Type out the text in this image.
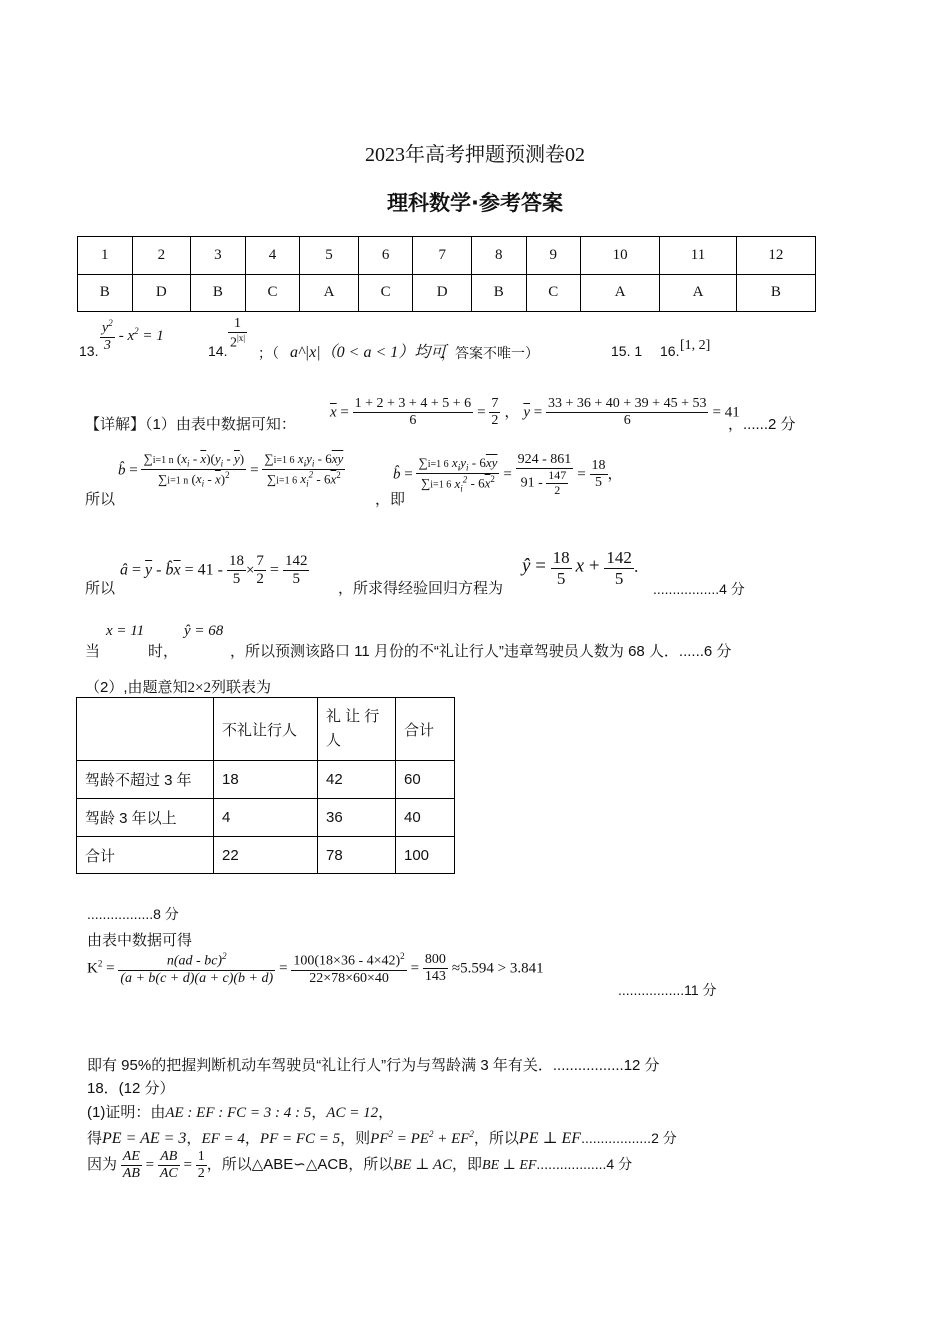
2023年高考押题预测卷02
理科数学·参考答案
1	2	3	4	5	6	7	8	9	10	11	12
B	D	B	C	A	C	D	B	C	A	A	B
13. $\frac{y^2}{3} - x^2 = 1$
14. $\frac{1}{2^{|x|}}$
；（ a^|x|（0 < a < 1）均可
，答案不唯一）	15. 1 16. [1, 2]
【详解】（1）由表中数据可知：
$\overline{x} = \frac{1 + 2 + 3 + 4 + 5 + 6}{6} = \frac{7}{2}$ ， $\overline{y} = \frac{33 + 36 + 40 + 39 + 45 + 53}{6} = 41$
，......2 分
所以
b̂ = $\frac{\sum i=1 n (x_i - \overline{x})(y_i - \overline{y})}{\sum i=1 n (x_i - \overline{x})^2} = \frac{\sum i=1 6 x_iy_i - 6\overline{xy}}{\sum i=1 6 x_i^2 - 6\overline{x}^2}$
，即
b̂ = $\frac{\sum i=1 6 x_iy_i - 6\overline{xy}}{\sum i=1 6 x_i^2 - 6\overline{x}^2} = \frac{924 - 861}{91 - \frac{147}{2}} = \frac{18}{5}$ ，
所以
â = $\overline{y}$ - $b̂\overline{x} = 41 - \frac{18}{5} \times \frac{7}{2} = \frac{142}{5}$ ，所求得经验回归方程为
ŷ = $\frac{18}{5}$ $x + \frac{142}{5}$ ．
.................4 分
当
x = 11
时，
ŷ = 68
，所以预测该路口 11 月份的不“礼让行人”违章驾驶员人数为 68 人．......6 分
（2）,由题意知2×2列联表为
	不礼让行人	礼 让 行 人	合计
驾龄不超过 3 年	18	42	60
驾龄 3 年以上	4	36	40
合计	22	78	100
.................8 分
由表中数据可得
$K^2 = \frac{n(ad - bc)^2}{(a + b(c + d)(a + c)(b + d)} = \frac{100(18\times 36 - 4\times 42)^2}{22\times 78\times 60\times 40} = \frac{800}{143} \approx 5.594 > 3.841$
.................11 分
即有 95%的把握判断机动车驾驶员“礼让行人”行为与驾龄满 3 年有关．.................12 分
18．(12 分）
(1)证明：由AE : EF : FC = 3 : 4 : 5，AC = 12，
得PE = AE = 3，EF = 4，PF = FC = 5，则$PF^2 = PE^2 + EF^2$，所以PE ⊥ EF..................2 分
因为 $\frac{AE}{AB} = \frac{AB}{AC} = \frac{1}{2}$ ，所以△ABE∽△ACB，所以BE ⊥ AC，即BE ⊥ EF..................4 分
